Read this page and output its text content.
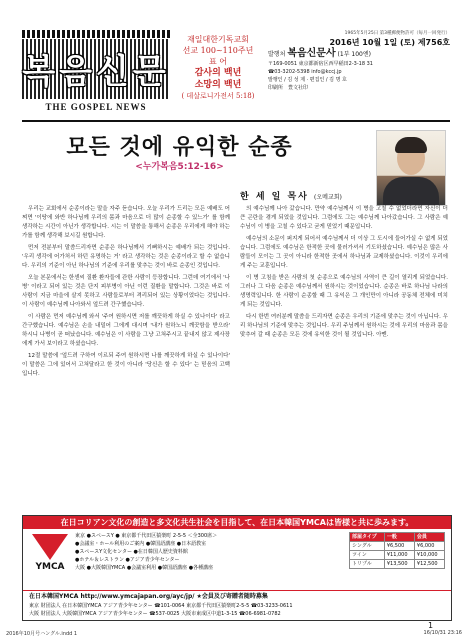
복음신문
THE GOSPEL NEWS
재일대한기독교회
선교 100~110주년
표 어
감사의 백년
소망의 백년
( 데살로니가전서 5:18)
1965年5月25日 第3種郵便物許可（毎月一回発行）
2016년 10월 1일 (토) 제756호
발행처 복음신문사 (1부 100엔)
〒169-0051 東京都新宿区西早稲田2-3-18 31
☎03-3202-5398 info@kccj.jp
발행인 / 김 성 제 · 편집인 / 김 명 호
印刷所　豊文社印
모든 것에 유익한 순종
<누가복음5:12-16>
한 세 일 목사 (오메교회)

우리는 교회에서 순종이라는 말을 자주 듣습니다. 오늘 우리가 드리는 모든 예배도 어찌면 '이땅에 와반 하나님께 우리의 몸과 마음으로 더 많이 순종할 수 있느가' 를 함께 생각하는 시간이 아닌가 생각합니다. 시는 이 말씀을 통해서 순종은 우리에게 해야 하는 가를 함께 생각해 보시길 원합니다.

먼저 전분부터 말씀드리자면 순종은 하나님께서 기뻐하시는 예배가 되는 것입니다. '우리 생각에 어가처서 하던 유명하는 거' 라고 생각하는 것은 순종이라고 할 수 없습니다. 우리의 기준이 아닌 하나님의 기준에 우리를 맞추는 것이 바로 순종인 것입니다.

오늘 본문에서는 한센씨 질환 환자들에 관한 사람이 등장합니다. 그런데 여기에서 '나병' 이라고 되어 있는 것은 단지 피부병이 아닌 이런 질환을 말합니다. 그것은 바로 이 사람이 지금 마을에 살지 못하고 사람들로부터 격리되어 있는 상황이었다는 것입니다. 이 사람이 예수님께 나아와서 엎드려 간구했습니다.

이 사람은 먼저 예수님께 와서 '주여 원하시면 저를 깨끗하게 하실 수 있나이다' 라고 간구했습니다. 예수님은 손을 내밀어 그에게 대시며 '내가 원하노니 깨끗함을 받으라' 하시니 나병이 곧 떠났습니다. 예수님은 이 사람을 그냥 고쳐주시고 끝내지 않고 제사장에게 가서 보이라고 하셨습니다.

12절 말씀에 '엎드려 구하여 이르되 주여 원하시면 나를 깨끗하게 하실 수 있나이다' 이 말씀은 그에 있어서 고쳐달라고 한 것이 아니라 '당신은 할 수 있다' 는 믿음의 고백입니다.

의 예수님께 나아 갔습니다. 만약 예수님께서 이 병을 고칠 수 없었더라면 자신이 더 큰 곤란을 겪게 되었을 것입니다. 그럼에도 그는 예수님께 나아갔습니다. 그 사람은 예수님이 이 병을 고칠 수 있다고 굳게 믿었기 때문입니다.

예수님의 소문이 퍼지게 되어서 예수님께서 더 이상 그 도시에 들어가실 수 없게 되었습니다. 그럼에도 예수님은 한적한 곳에 물러가셔서 기도하셨습니다. 예수님은 많은 사람들이 모이는 그 곳이 아니라 한적한 곳에서 하나님과 교제하셨습니다. 이것이 우리에게 주는 교훈입니다.

이 병 고침을 받은 사람의 첫 순종으로 예수님의 사역이 큰 길이 열리게 되었습니다. 그러나 그 다음 순종은 예수님께서 원하시는 것이었습니다. 순종은 바로 하나님 나라의 생명력입니다. 한 사람이 순종할 때 그 유익은 그 개인만이 아니라 공동체 전체에 미치게 되는 것입니다.

다시 한번 여러분께 말씀을 드리자면 순종은 우리의 기준에 맞추는 것이 아닙니다. 우리 하나님의 기준에 맞추는 것입니다. 우리 주님께서 원하시는 것에 우리의 마음과 몸을 맞추어 갈 때 순종은 모든 것에 유익한 것이 될 것입니다. 아멘.

在日コリアン文化の創造と多文化共生社会を目指して、在日本韓国YMCAは皆様と共に歩みます。
YMCA
東京 ●スペースY ● 東京都千代田区猿楽町 2-5-5 ＜全300席＞
●会議室・ホール利用のご案内 ●韓国語講座 ●日本語教室
●スペースY文化センター ●在日韓国人歴史資料館
●ホテル＆レストラン ●アジア青少年センター
大阪 ●大阪韓国YMCA ●会議室利用 ●韓国語講座 ●各種講座
部屋タイプ	一般	会員
シングル	¥6,500	¥6,000
ツイン	¥11,000	¥10,000
トリプル	¥13,500	¥12,500
在日本韓国YMCA http://www.ymcajapan.org/ayc/jp/ ★会員及び寄贈者随時募集
東京 財団法人 在日本韓国YMCA アジア青少年センター ☎101-0064 東京都千代田区猿楽町2-5-5 ☎03-3233-0611
大阪 財団法人 大阪韓国YMCA アジア青少年センター ☎537-0025 大阪市東成区中道1-3-15 ☎06-6981-0782
1
2016年10月号ハングル.indd 1	16/10/31 23:16
